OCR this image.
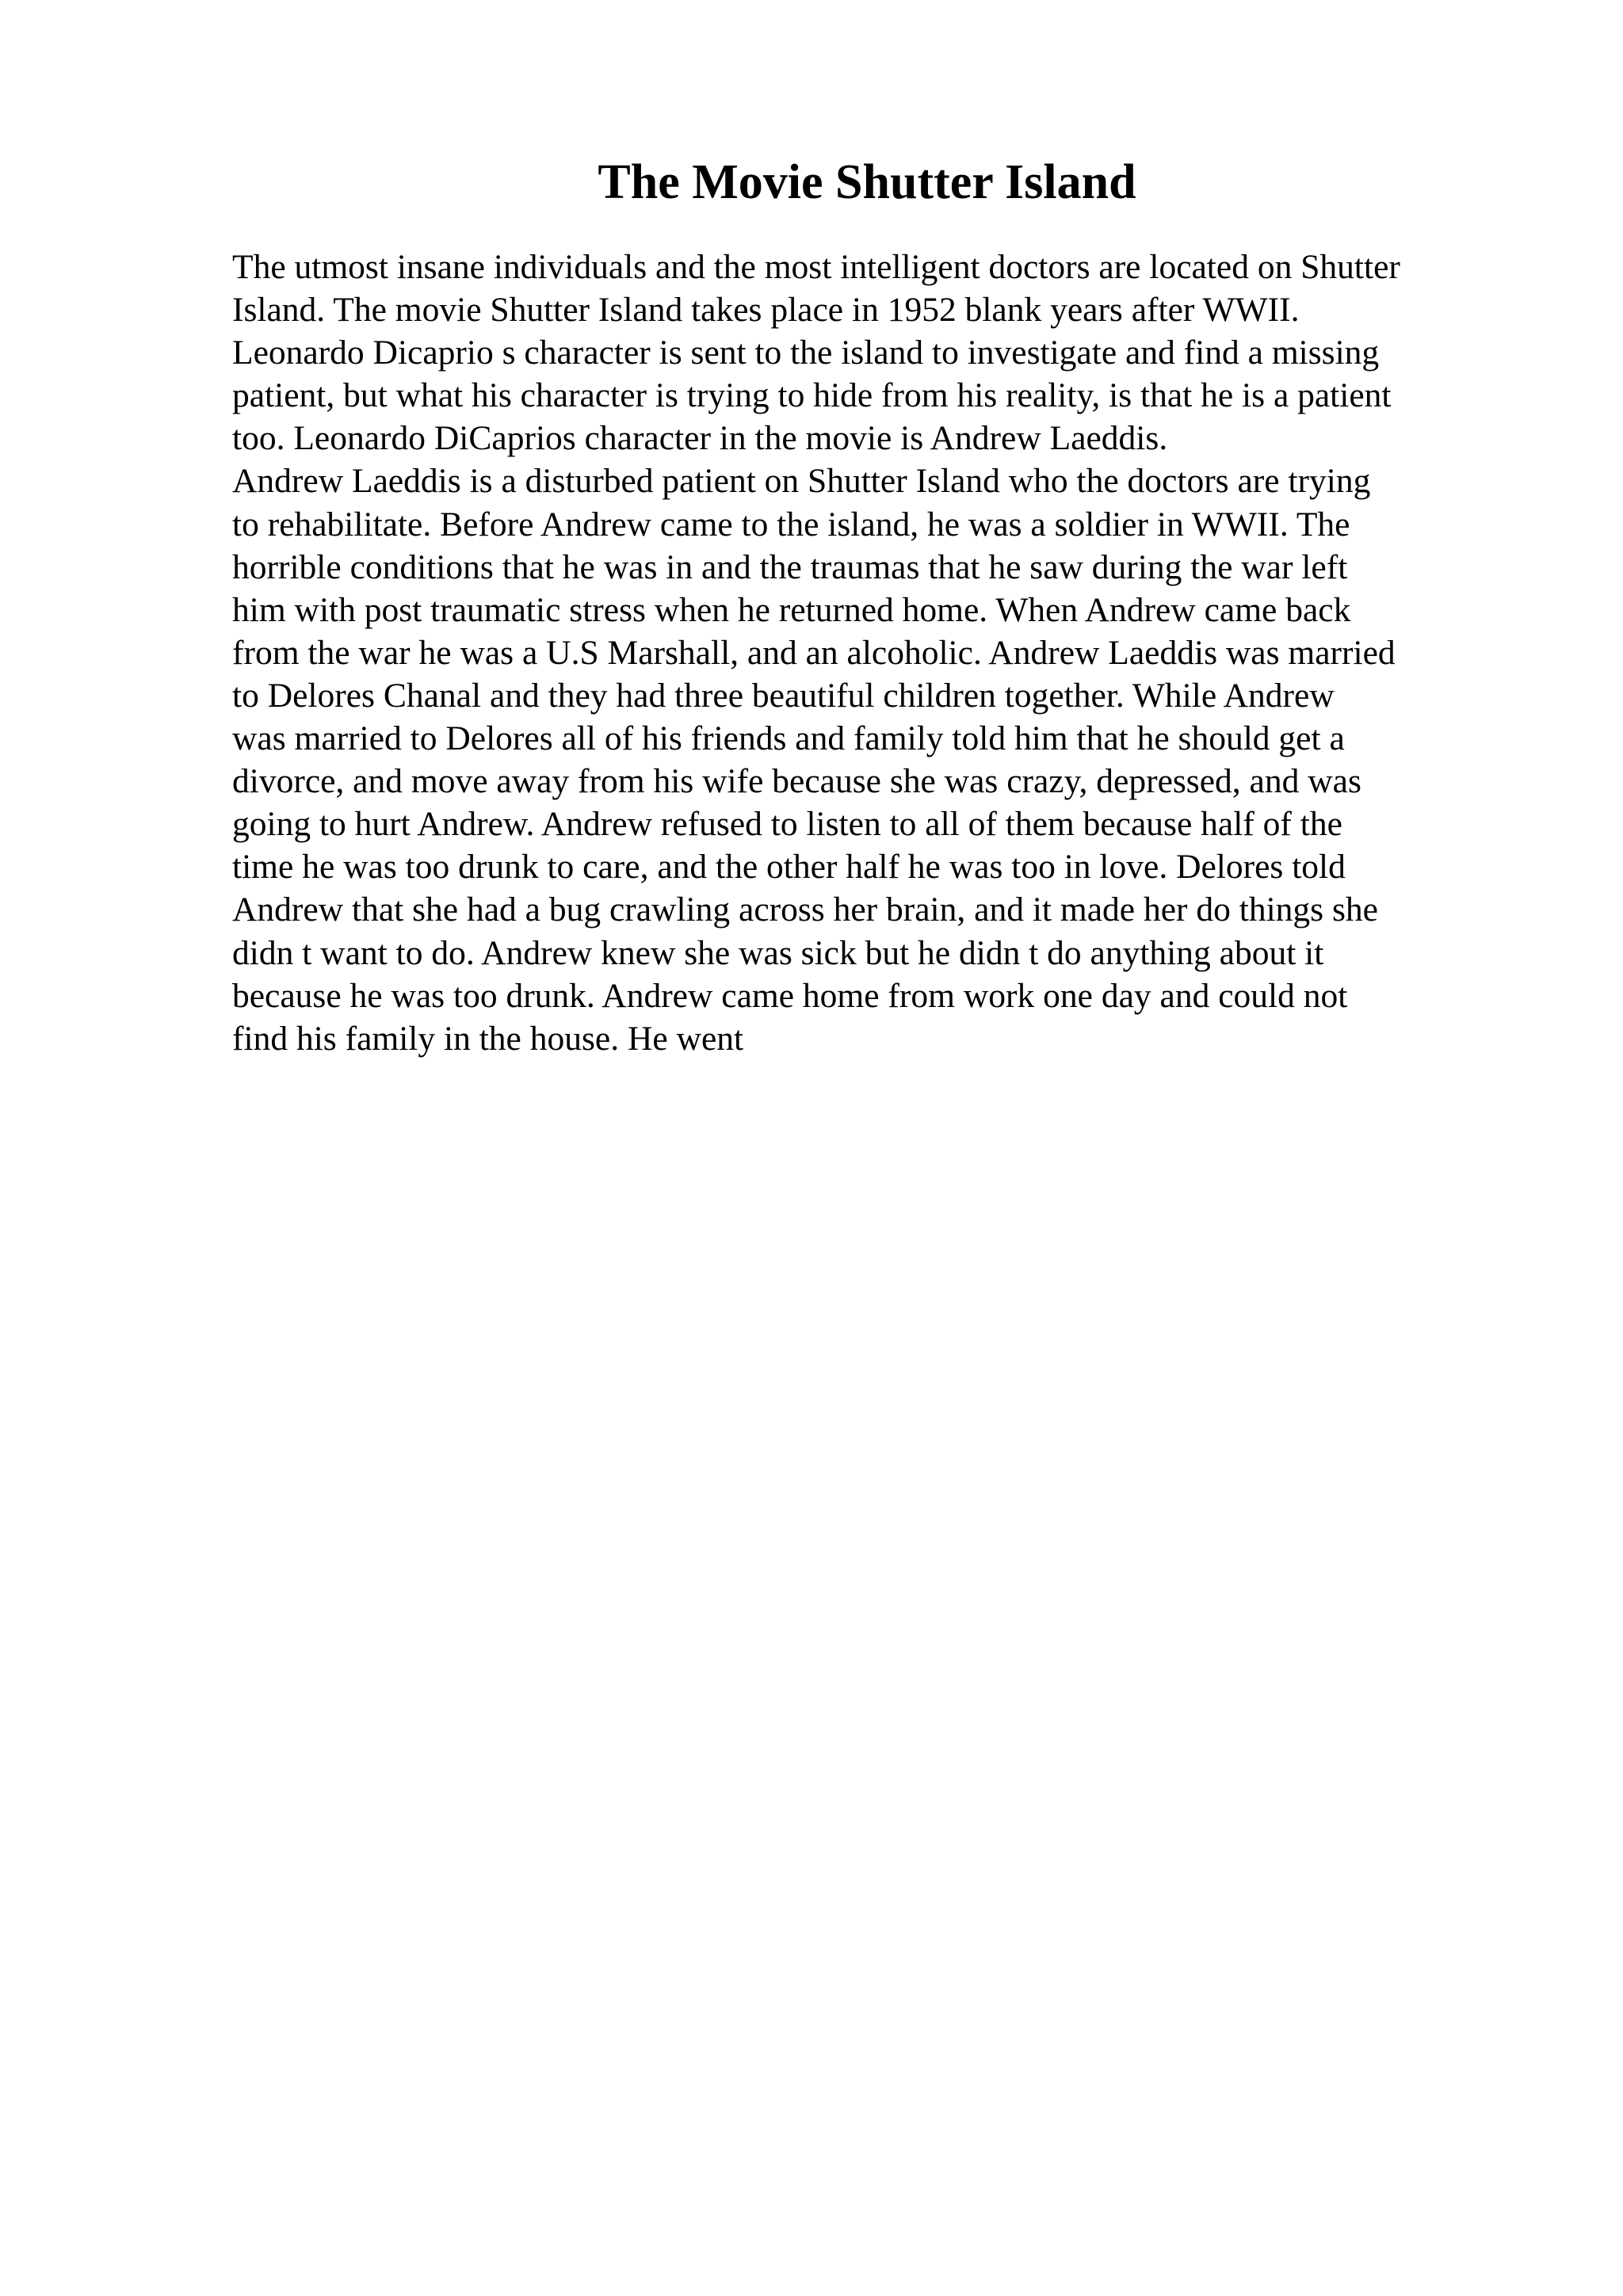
The Movie Shutter Island
The utmost insane individuals and the most intelligent doctors are located on Shutter
Island. The movie Shutter Island takes place in 1952 blank years after WWII.
Leonardo Dicaprio s character is sent to the island to investigate and find a missing
patient, but what his character is trying to hide from his reality, is that he is a patient
too. Leonardo DiCaprios character in the movie is Andrew Laeddis.
Andrew Laeddis is a disturbed patient on Shutter Island who the doctors are trying
to rehabilitate. Before Andrew came to the island, he was a soldier in WWII. The
horrible conditions that he was in and the traumas that he saw during the war left
him with post traumatic stress when he returned home. When Andrew came back
from the war he was a U.S Marshall, and an alcoholic. Andrew Laeddis was married
to Delores Chanal and they had three beautiful children together. While Andrew
was married to Delores all of his friends and family told him that he should get a
divorce, and move away from his wife because she was crazy, depressed, and was
going to hurt Andrew. Andrew refused to listen to all of them because half of the
time he was too drunk to care, and the other half he was too in love. Delores told
Andrew that she had a bug crawling across her brain, and it made her do things she
didn t want to do. Andrew knew she was sick but he didn t do anything about it
because he was too drunk. Andrew came home from work one day and could not
find his family in the house. He went
